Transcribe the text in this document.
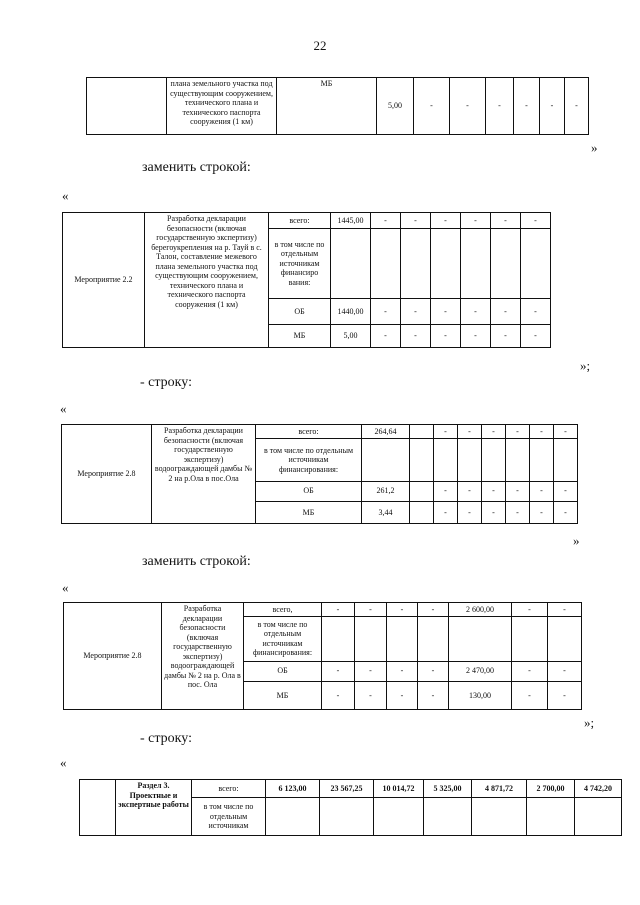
22
	плана земельного участка под существующим сооружением, технического плана и технического паспорта сооружения (1 км)	МБ	5,00	-	-	-	-	-	-
»
заменить строкой:
«
Мероприятие 2.2	Разработка декларации безопасности (включая государственную экспертизу) берегоукрепления на р. Тауй в с. Талон, составление межевого плана земельного участка под существующим сооружением, технического плана и технического паспорта сооружения (1 км)	всего:	1445,00	-	-	-	-	-	-
		в том числе по отдельным источникам финансиро вания:							
		ОБ	1440,00	-	-	-	-	-	-
		МБ	5,00	-	-	-	-	-	-
»;
- строку:
«
Мероприятие 2.8	Разработка декларации безопасности (включая государственную экспертизу) водоограждающей дамбы № 2 на р.Ола в пос.Ола	всего:	264,64		-	-	-	-	-	-
		в том числе по отдельным источникам финансирования:								
		ОБ	261,2		-	-	-	-	-	-
		МБ	3,44		-	-	-	-	-	-
»
заменить строкой:
«
Мероприятие 2.8	Разработка декларации безопасности (включая государственную экспертизу) водоограждающей дамбы № 2 на р. Ола в пос. Ола	всего,	-	-	-	-	2 600,00	-	-
		в том числе по отдельным источникам финансирования:							
		ОБ	-	-	-	-	2 470,00	-	-
		МБ	-	-	-	-	130,00	-	-
»;
- строку:
«
	Раздел 3. Проектные и экспертные работы	всего:	6 123,00	23 567,25	10 014,72	5 325,00	4 871,72	2 700,00	4 742,20
		в том числе по отдельным источникам							
